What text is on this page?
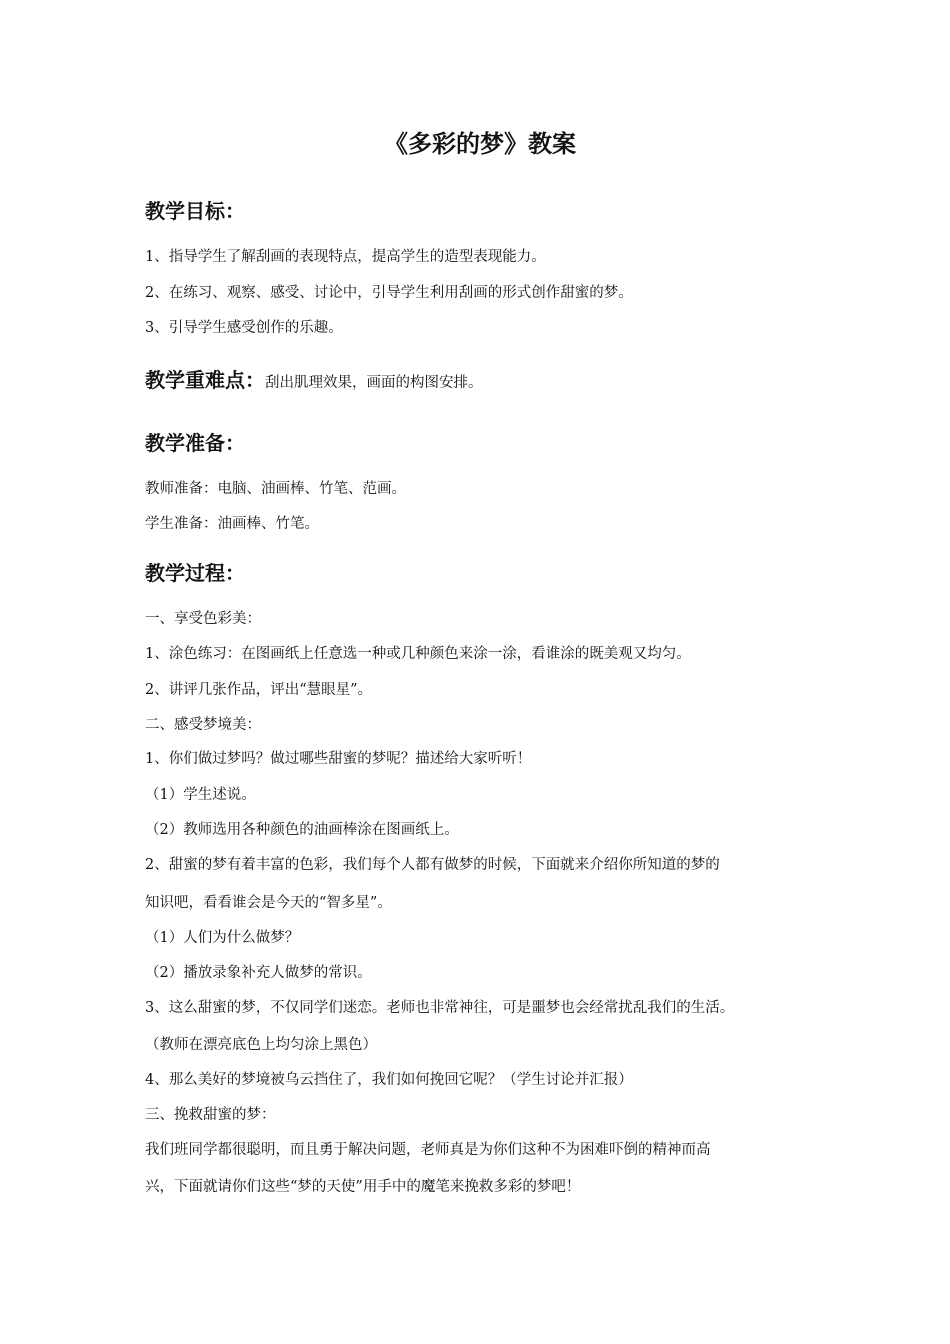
《多彩的梦》教案
教学目标：
1、指导学生了解刮画的表现特点，提高学生的造型表现能力。
2、在练习、观察、感受、讨论中，引导学生利用刮画的形式创作甜蜜的梦。
3、引导学生感受创作的乐趣。
教学重难点：刮出肌理效果，画面的构图安排。
教学准备：
教师准备：电脑、油画棒、竹笔、范画。
学生准备：油画棒、竹笔。
教学过程：
一、享受色彩美：
1、涂色练习：在图画纸上任意选一种或几种颜色来涂一涂，看谁涂的既美观又均匀。
2、讲评几张作品，评出“慧眼星”。
二、感受梦境美：
1、你们做过梦吗？做过哪些甜蜜的梦呢？描述给大家听听！
（1）学生述说。
（2）教师选用各种颜色的油画棒涂在图画纸上。
2、甜蜜的梦有着丰富的色彩，我们每个人都有做梦的时候，下面就来介绍你所知道的梦的
知识吧，看看谁会是今天的“智多星”。
（1）人们为什么做梦？
（2）播放录象补充人做梦的常识。
3、这么甜蜜的梦，不仅同学们迷恋。老师也非常神往，可是噩梦也会经常扰乱我们的生活。
（教师在漂亮底色上均匀涂上黑色）
4、那么美好的梦境被乌云挡住了，我们如何挽回它呢？（学生讨论并汇报）
三、挽救甜蜜的梦：
我们班同学都很聪明，而且勇于解决问题，老师真是为你们这种不为困难吓倒的精神而高
兴，下面就请你们这些“梦的天使”用手中的魔笔来挽救多彩的梦吧！
